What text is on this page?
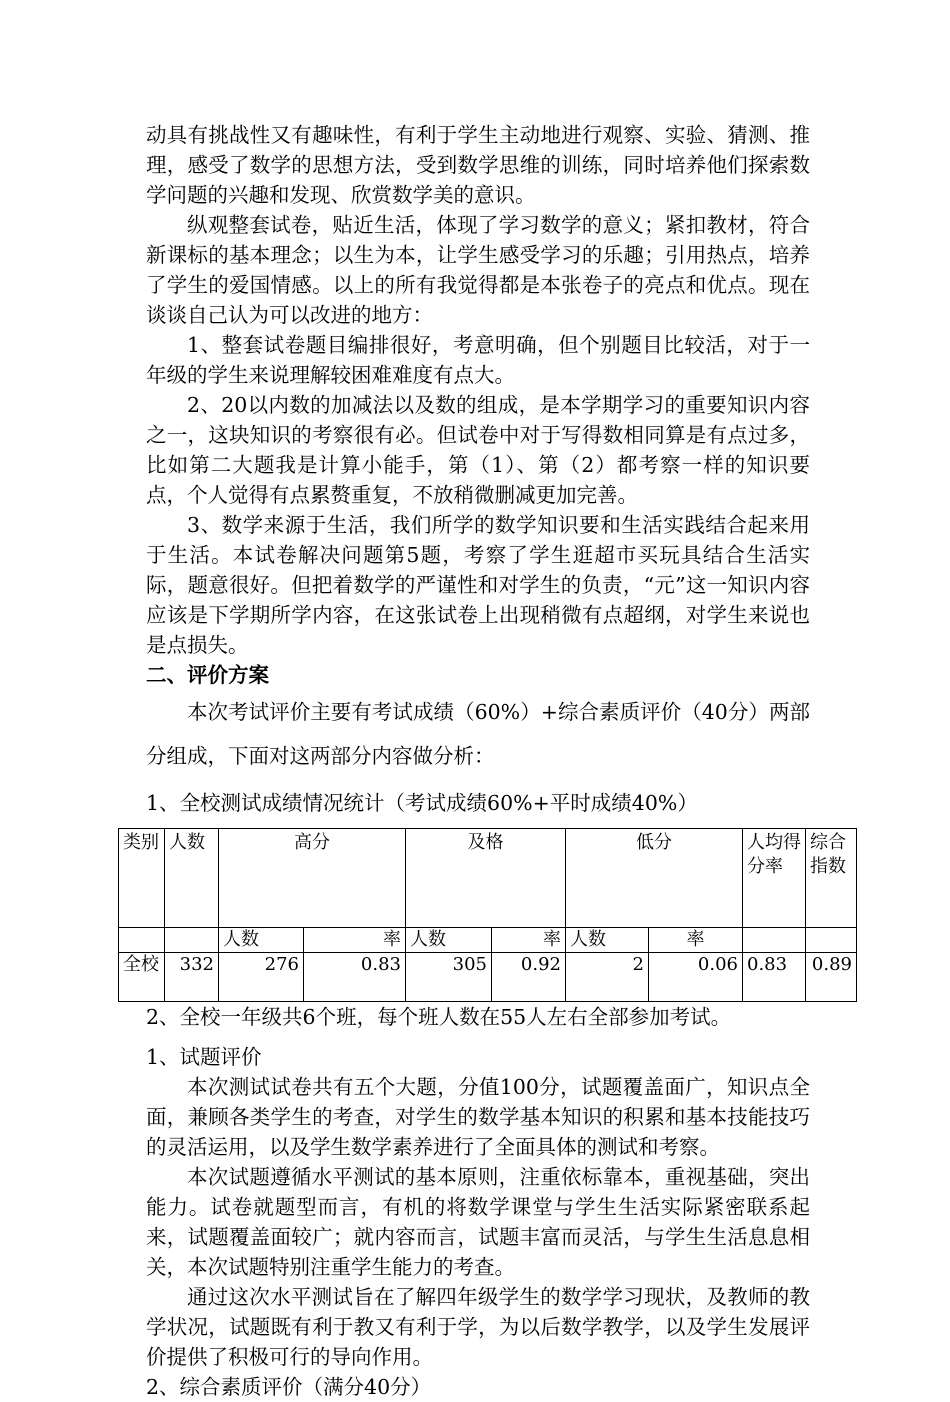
动具有挑战性又有趣味性，有利于学生主动地进行观察、实验、猜测、推理，感受了数学的思想方法，受到数学思维的训练，同时培养他们探索数学问题的兴趣和发现、欣赏数学美的意识。

纵观整套试卷，贴近生活，体现了学习数学的意义；紧扣教材，符合新课标的基本理念；以生为本，让学生感受学习的乐趣；引用热点，培养了学生的爱国情感。以上的所有我觉得都是本张卷子的亮点和优点。现在谈谈自己认为可以改进的地方：

1、整套试卷题目编排很好，考意明确，但个别题目比较活，对于一年级的学生来说理解较困难难度有点大。

2、20以内数的加减法以及数的组成，是本学期学习的重要知识内容之一，这块知识的考察很有必。但试卷中对于写得数相同算是有点过多，比如第二大题我是计算小能手，第（1）、第（2）都考察一样的知识要点，个人觉得有点累赘重复，不放稍微删减更加完善。

3、数学来源于生活，我们所学的数学知识要和生活实践结合起来用于生活。本试卷解决问题第5题，考察了学生逛超市买玩具结合生活实际，题意很好。但把着数学的严谨性和对学生的负责，“元”这一知识内容应该是下学期所学内容，在这张试卷上出现稍微有点超纲，对学生来说也是点损失。

二、评价方案

本次考试评价主要有考试成绩（60%）+综合素质评价（40分）两部分组成，下面对这两部分内容做分析：

1、全校测试成绩情况统计（考试成绩60%+平时成绩40%）

类别	人数	高分		及格		低分		人均得分率	综合指数
		人数	率	人数	率	人数	率		
全校	332	276	0.83	305	0.92	2	0.06	0.83	0.89

2、全校一年级共6个班，每个班人数在55人左右全部参加考试。

1、试题评价

本次测试试卷共有五个大题，分值100分，试题覆盖面广，知识点全面，兼顾各类学生的考查，对学生的数学基本知识的积累和基本技能技巧的灵活运用，以及学生数学素养进行了全面具体的测试和考察。

本次试题遵循水平测试的基本原则，注重依标靠本，重视基础，突出能力。试卷就题型而言，有机的将数学课堂与学生生活实际紧密联系起来，试题覆盖面较广；就内容而言，试题丰富而灵活，与学生生活息息相关，本次试题特别注重学生能力的考查。

通过这次水平测试旨在了解四年级学生的数学学习现状，及教师的教学状况，试题既有利于教又有利于学，为以后数学教学，以及学生发展评价提供了积极可行的导向作用。

2、综合素质评价（满分40分）
